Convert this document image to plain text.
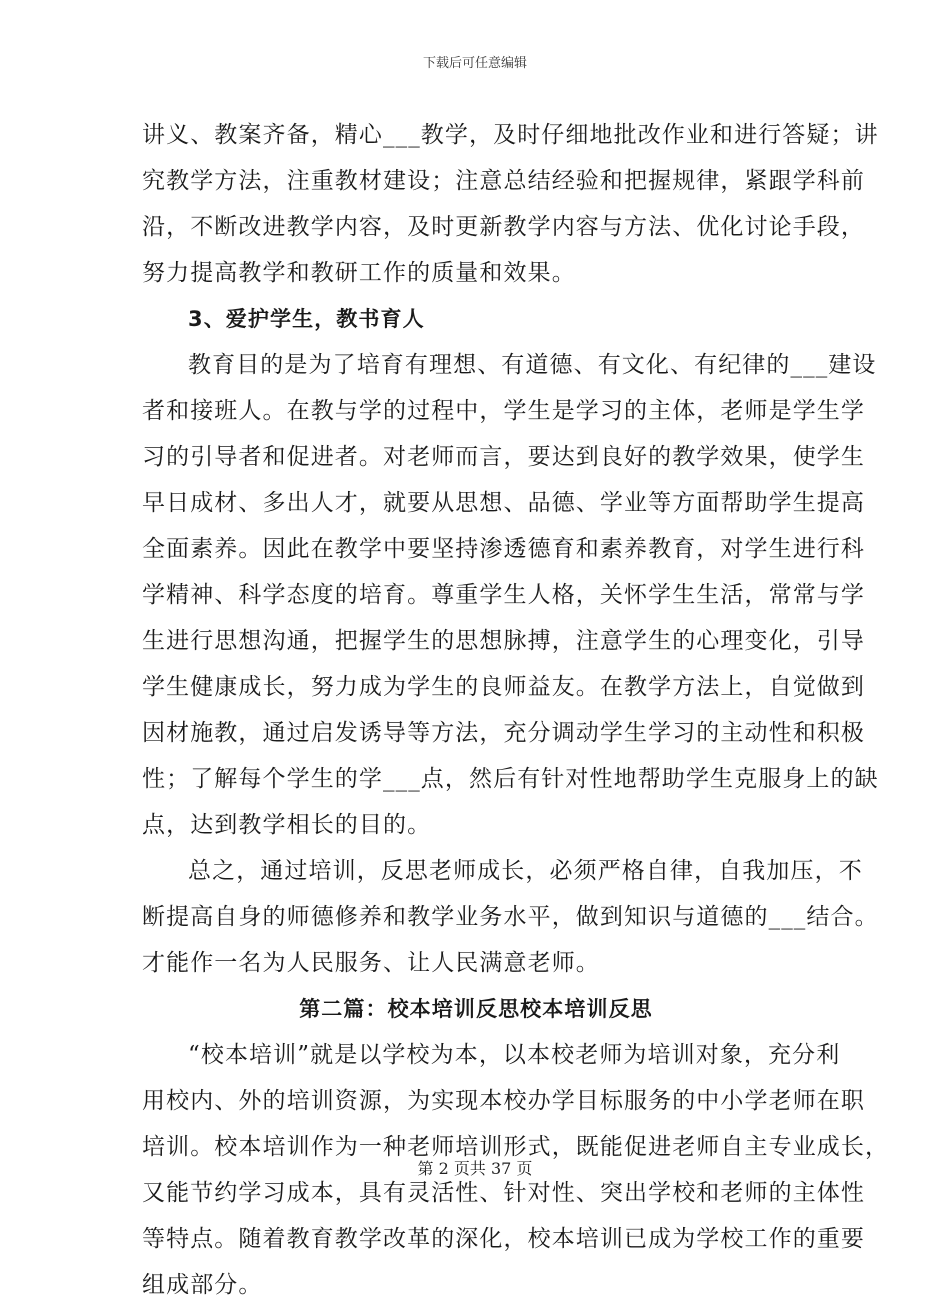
下载后可任意编辑
讲义、教案齐备，精心___教学，及时仔细地批改作业和进行答疑；讲
究教学方法，注重教材建设；注意总结经验和把握规律，紧跟学科前
沿，不断改进教学内容，及时更新教学内容与方法、优化讨论手段，
努力提高教学和教研工作的质量和效果。
3、爱护学生，教书育人
教育目的是为了培育有理想、有道德、有文化、有纪律的___建设
者和接班人。在教与学的过程中，学生是学习的主体，老师是学生学
习的引导者和促进者。对老师而言，要达到良好的教学效果，使学生
早日成材、多出人才，就要从思想、品德、学业等方面帮助学生提高
全面素养。因此在教学中要坚持渗透德育和素养教育，对学生进行科
学精神、科学态度的培育。尊重学生人格，关怀学生生活，常常与学
生进行思想沟通，把握学生的思想脉搏，注意学生的心理变化，引导
学生健康成长，努力成为学生的良师益友。在教学方法上，自觉做到
因材施教，通过启发诱导等方法，充分调动学生学习的主动性和积极
性；了解每个学生的学___点，然后有针对性地帮助学生克服身上的缺
点，达到教学相长的目的。
总之，通过培训，反思老师成长，必须严格自律，自我加压，不
断提高自身的师德修养和教学业务水平，做到知识与道德的___结合。
才能作一名为人民服务、让人民满意老师。
第二篇：校本培训反思校本培训反思
“校本培训”就是以学校为本，以本校老师为培训对象，充分利
用校内、外的培训资源，为实现本校办学目标服务的中小学老师在职
培训。校本培训作为一种老师培训形式，既能促进老师自主专业成长，
又能节约学习成本，具有灵活性、针对性、突出学校和老师的主体性
等特点。随着教育教学改革的深化，校本培训已成为学校工作的重要
组成部分。
第 2 页共 37 页
